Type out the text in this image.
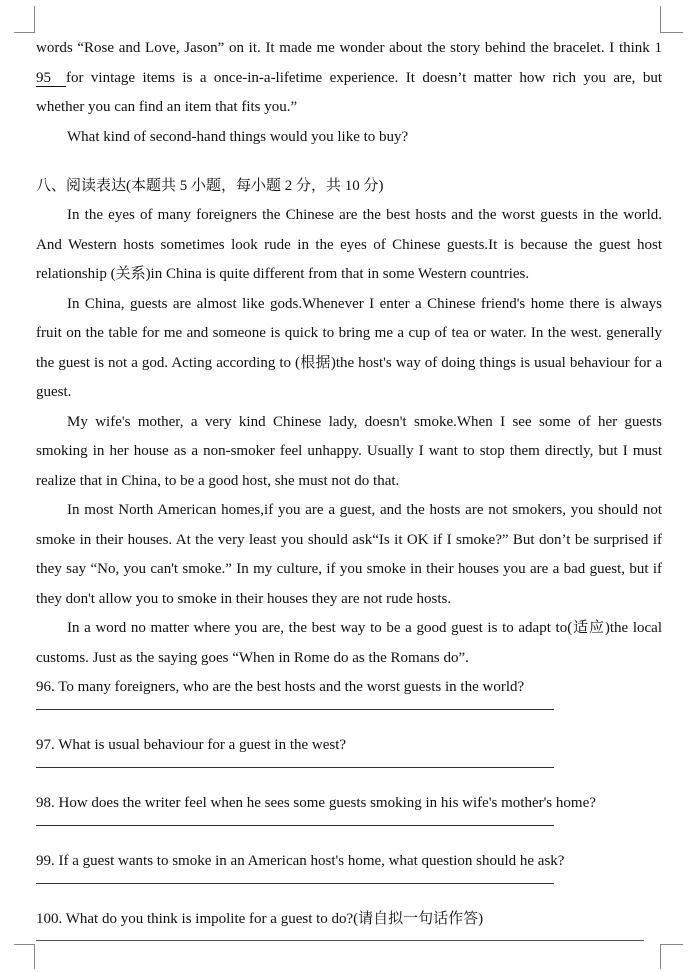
words “Rose and Love, Jason” on it. It made me wonder about the story behind the bracelet. I think 195 for vintage items is a once-in-a-lifetime experience. It doesn’t matter how rich you are, but whether you can find an item that fits you.”

What kind of second-hand things would you like to buy?

八、阅读表达(本题共 5 小题，每小题 2 分，共 10 分)

In the eyes of many foreigners the Chinese are the best hosts and the worst guests in the world. And Western hosts sometimes look rude in the eyes of Chinese guests.It is because the guest host relationship (关系)in China is quite different from that in some Western countries.

In China, guests are almost like gods.Whenever I enter a Chinese friend's home there is always fruit on the table for me and someone is quick to bring me a cup of tea or water. In the west. generally the guest is not a god. Acting according to (根据)the host's way of doing things is usual behaviour for a guest.

My wife's mother, a very kind Chinese lady, doesn't smoke.When I see some of her guests smoking in her house as a non-smoker feel unhappy. Usually I want to stop them directly, but I must realize that in China, to be a good host, she must not do that.

In most North American homes,if you are a guest, and the hosts are not smokers, you should not smoke in their houses. At the very least you should ask“Is it OK if I smoke?” But don’t be surprised if they say “No, you can't smoke.” In my culture, if you smoke in their houses you are a bad guest, but if they don't allow you to smoke in their houses they are not rude hosts.

In a word no matter where you are, the best way to be a good guest is to adapt to(适应)the local customs. Just as the saying goes “When in Rome do as the Romans do”.

96. To many foreigners, who are the best hosts and the worst guests in the world?
97. What is usual behaviour for a guest in the west?
98. How does the writer feel when he sees some guests smoking in his wife's mother's home?
99. If a guest wants to smoke in an American host's home, what question should he ask?
100. What do you think is impolite for a guest to do?(请自拟一句话作答)
